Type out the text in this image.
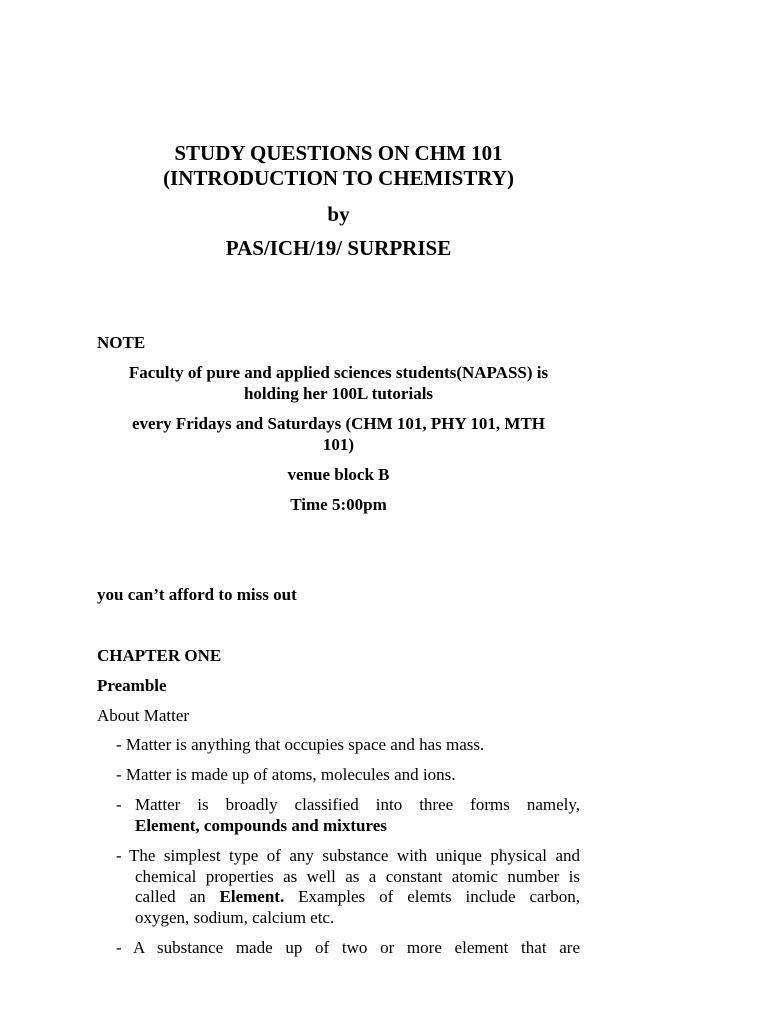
STUDY QUESTIONS ON CHM 101
(INTRODUCTION TO CHEMISTRY)
by
PAS/ICH/19/ SURPRISE
NOTE
Faculty of pure and applied sciences students(NAPASS) is
holding her 100L tutorials
every Fridays and Saturdays (CHM 101, PHY 101, MTH
101)
venue block B
Time 5:00pm
you can’t afford to miss out
CHAPTER ONE
Preamble
About Matter
- Matter is anything that occupies space and has mass.
- Matter is made up of atoms, molecules and ions.
- Matter is broadly classified into three forms namely,
Element, compounds and mixtures
- The simplest type of any substance with unique physical and
chemical properties as well as a constant atomic number is
called an Element. Examples of elemts include carbon,
oxygen, sodium, calcium etc.
- A substance made up of two or more element that are
